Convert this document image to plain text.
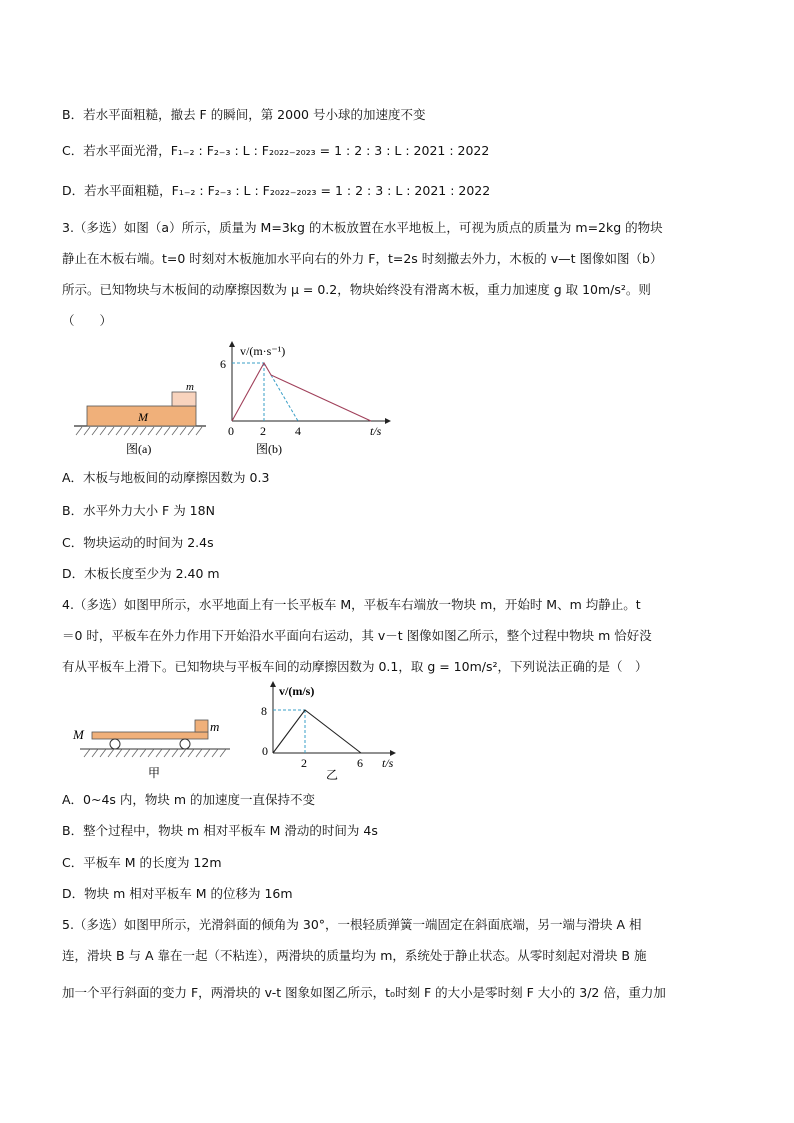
B．若水平面粗糙，撤去 F 的瞬间，第 2000 号小球的加速度不变
C．若水平面光滑，F₁₋₂ : F₂₋₃ : L : F₂₀₂₂₋₂₀₂₃ = 1 : 2 : 3 : L : 2021 : 2022
D．若水平面粗糙，F₁₋₂ : F₂₋₃ : L : F₂₀₂₂₋₂₀₂₃ = 1 : 2 : 3 : L : 2021 : 2022
3.（多选）如图（a）所示，质量为 M=3kg 的木板放置在水平地板上，可视为质点的质量为 m=2kg 的物块
静止在木板右端。t=0 时刻对木板施加水平向右的外力 F，t=2s 时刻撤去外力，木板的 v—t 图像如图（b）
所示。已知物块与木板间的动摩擦因数为 μ = 0.2，物块始终没有滑离木板，重力加速度 g 取 10m/s²。则
（　　）
M
m
图(a)
v/(m·s⁻¹)
6
0 2 4	t/s
图(b)
A．木板与地板间的动摩擦因数为 0.3
B．水平外力大小 F 为 18N
C．物块运动的时间为 2.4s
D．木板长度至少为 2.40 m
4.（多选）如图甲所示，水平地面上有一长平板车 M，平板车右端放一物块 m，开始时 M、m 均静止。t
＝0 时，平板车在外力作用下开始沿水平面向右运动，其 v－t 图像如图乙所示，整个过程中物块 m 恰好没
有从平板车上滑下。已知物块与平板车间的动摩擦因数为 0.1，取 g = 10m/s²，下列说法正确的是（　）
M
m
甲
v/(m/s)
8
0
2	6 t/s
乙
A．0~4s 内，物块 m 的加速度一直保持不变
B．整个过程中，物块 m 相对平板车 M 滑动的时间为 4s
C．平板车 M 的长度为 12m
D．物块 m 相对平板车 M 的位移为 16m
5.（多选）如图甲所示，光滑斜面的倾角为 30°，一根轻质弹簧一端固定在斜面底端，另一端与滑块 A 相
连，滑块 B 与 A 靠在一起（不粘连），两滑块的质量均为 m，系统处于静止状态。从零时刻起对滑块 B 施
加一个平行斜面的变力 F，两滑块的 v-t 图象如图乙所示，t₀时刻 F 的大小是零时刻 F 大小的 3/2 倍，重力加
